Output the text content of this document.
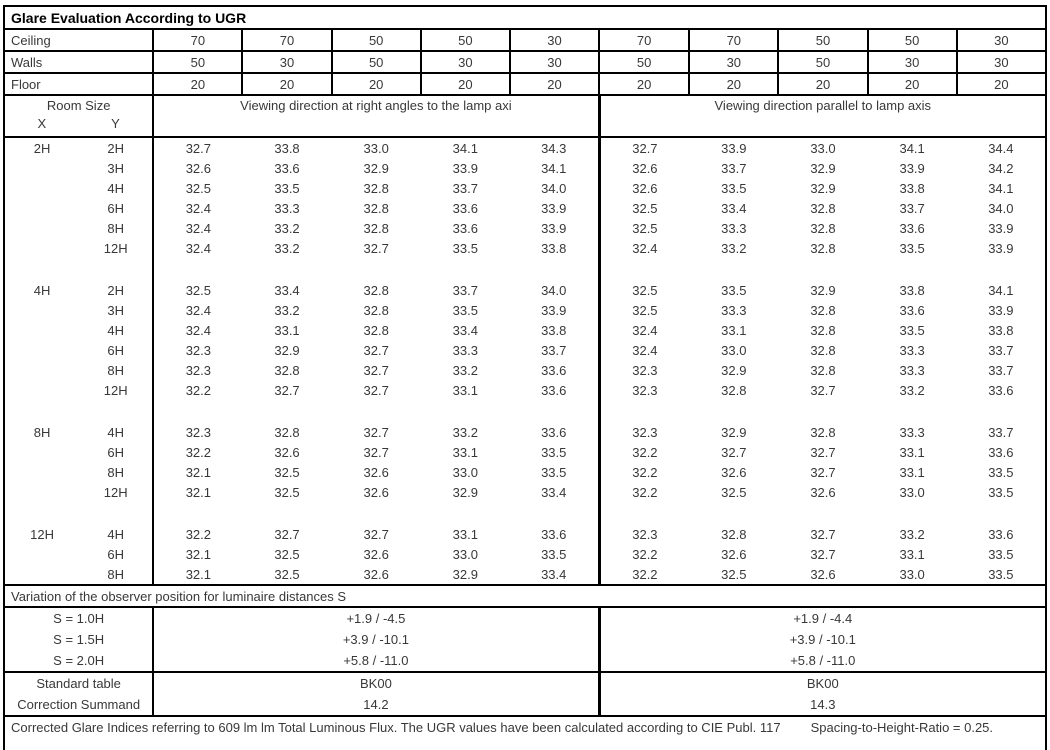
Glare Evaluation According to UGR											
Ceiling		70	70	50	50	30	70	70	50	50	30
Walls		50	30	50	30	30	50	30	50	30	30
Floor		20	20	20	20	20	20	20	20	20	20

Room Size
X Y		Viewing direction at right angles to the lamp axi					Viewing direction parallel to lamp axis				
2H	2H	32.7	33.8	33.0	34.1	34.3	32.7	33.9	33.0	34.1	34.4
	3H	32.6	33.6	32.9	33.9	34.1	32.6	33.7	32.9	33.9	34.2
	4H	32.5	33.5	32.8	33.7	34.0	32.6	33.5	32.9	33.8	34.1
	6H	32.4	33.3	32.8	33.6	33.9	32.5	33.4	32.8	33.7	34.0
	8H	32.4	33.2	32.8	33.6	33.9	32.5	33.3	32.8	33.6	33.9
	12H	32.4	33.2	32.7	33.5	33.8	32.4	33.2	32.8	33.5	33.9

4H	2H	32.5	33.4	32.8	33.7	34.0	32.5	33.5	32.9	33.8	34.1
	3H	32.4	33.2	32.8	33.5	33.9	32.5	33.3	32.8	33.6	33.9
	4H	32.4	33.1	32.8	33.4	33.8	32.4	33.1	32.8	33.5	33.8
	6H	32.3	32.9	32.7	33.3	33.7	32.4	33.0	32.8	33.3	33.7
	8H	32.3	32.8	32.7	33.2	33.6	32.3	32.9	32.8	33.3	33.7
	12H	32.2	32.7	32.7	33.1	33.6	32.3	32.8	32.7	33.2	33.6

8H	4H	32.3	32.8	32.7	33.2	33.6	32.3	32.9	32.8	33.3	33.7
	6H	32.2	32.6	32.7	33.1	33.5	32.2	32.7	32.7	33.1	33.6
	8H	32.1	32.5	32.6	33.0	33.5	32.2	32.6	32.7	33.1	33.5
	12H	32.1	32.5	32.6	32.9	33.4	32.2	32.5	32.6	33.0	33.5

12H	4H	32.2	32.7	32.7	33.1	33.6	32.3	32.8	32.7	33.2	33.6
	6H	32.1	32.5	32.6	33.0	33.5	32.2	32.6	32.7	33.1	33.5
	8H	32.1	32.5	32.6	32.9	33.4	32.2	32.5	32.6	33.0	33.5
Variation of the observer position for luminaire distances S											
S = 1.0H		+1.9 / -4.5					+1.9 / -4.4				
S = 1.5H		+3.9 / -10.1					+3.9 / -10.1				
S = 2.0H		+5.8 / -11.0					+5.8 / -11.0				
Standard table		BK00					BK00				
Correction Summand		14.2					14.3				
Corrected Glare Indices referring to 609 lm lm Total Luminous Flux. The UGR values have been calculated according to CIE Publ. 117 Spacing-to-Height-Ratio = 0.25.											
